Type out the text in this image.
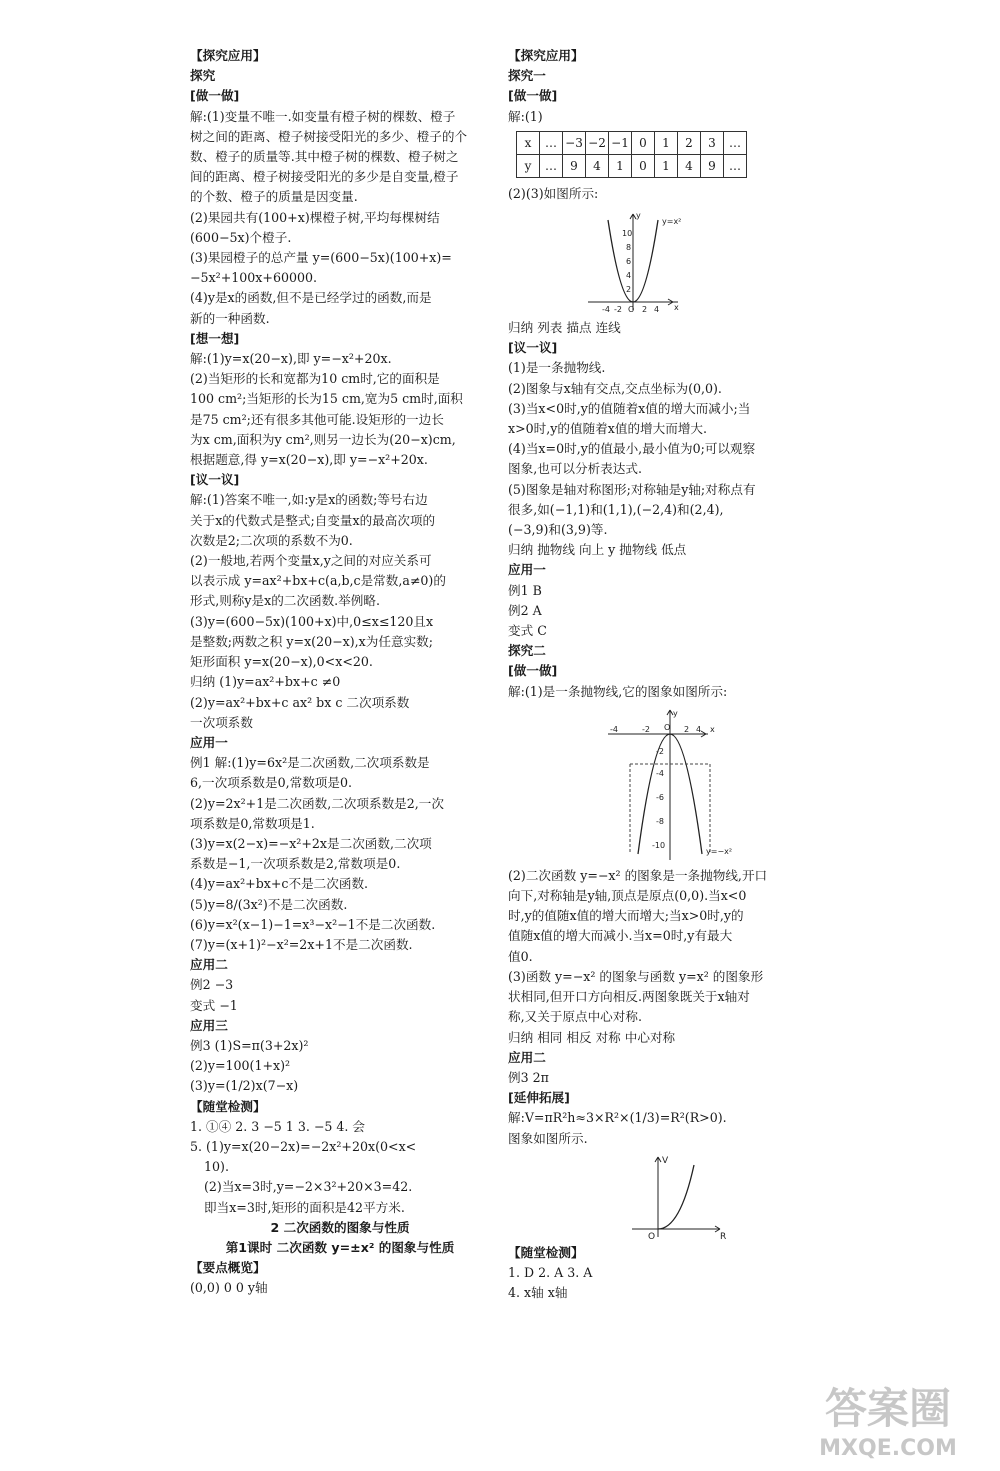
【探究应用】

探究

[做一做]

解:(1)变量不唯一.如变量有橙子树的棵数、橙子

树之间的距离、橙子树接受阳光的多少、橙子的个

数、橙子的质量等.其中橙子树的棵数、橙子树之

间的距离、橙子树接受阳光的多少是自变量,橙子

的个数、橙子的质量是因变量.

(2)果园共有(100+x)棵橙子树,平均每棵树结

(600−5x)个橙子.

(3)果园橙子的总产量 y=(600−5x)(100+x)=

−5x²+100x+60000.

(4)y是x的函数,但不是已经学过的函数,而是

新的一种函数.

[想一想]

解:(1)y=x(20−x),即 y=−x²+20x.

(2)当矩形的长和宽都为10 cm时,它的面积是

100 cm²;当矩形的长为15 cm,宽为5 cm时,面积

是75 cm²;还有很多其他可能.设矩形的一边长

为x cm,面积为y cm²,则另一边长为(20−x)cm,

根据题意,得 y=x(20−x),即 y=−x²+20x.

[议一议]

解:(1)答案不唯一,如:y是x的函数;等号右边

关于x的代数式是整式;自变量x的最高次项的

次数是2;二次项的系数不为0.

(2)一般地,若两个变量x,y之间的对应关系可

以表示成 y=ax²+bx+c(a,b,c是常数,a≠0)的

形式,则称y是x的二次函数.举例略.

(3)y=(600−5x)(100+x)中,0≤x≤120且x

是整数;两数之积 y=x(20−x),x为任意实数;

矩形面积 y=x(20−x),0<x<20.

归纳 (1)y=ax²+bx+c ≠0

(2)y=ax²+bx+c ax² bx c 二次项系数

一次项系数

应用一

例1 解:(1)y=6x²是二次函数,二次项系数是

6,一次项系数是0,常数项是0.

(2)y=2x²+1是二次函数,二次项系数是2,一次

项系数是0,常数项是1.

(3)y=x(2−x)=−x²+2x是二次函数,二次项

系数是−1,一次项系数是2,常数项是0.

(4)y=ax²+bx+c不是二次函数.

(5)y=8/(3x²)不是二次函数.

(6)y=x²(x−1)−1=x³−x²−1不是二次函数.

(7)y=(x+1)²−x²=2x+1不是二次函数.

应用二

例2 −3

变式 −1

应用三

例3 (1)S=π(3+2x)²

(2)y=100(1+x)²

(3)y=(1/2)x(7−x)

【随堂检测】

1. ①④ 2. 3 −5 1 3. −5 4. 会

5. (1)y=x(20−2x)=−2x²+20x(0<x<

10).

(2)当x=3时,y=−2×3²+20×3=42.

即当x=3时,矩形的面积是42平方米.

2 二次函数的图象与性质

第1课时 二次函数 y=±x² 的图象与性质

【要点概览】

(0,0) 0 0 y轴

【探究应用】

探究一

[做一做]

解:(1)

x	…	−3	−2	−1	0	1	2	3	…
y	…	9	4	1	0	1	4	9	…

(2)(3)如图所示:

y
y=x²
10
8
6
4
2
-4 -2 O 2 4 x

归纳 列表 描点 连线

[议一议]

(1)是一条抛物线.

(2)图象与x轴有交点,交点坐标为(0,0).

(3)当x<0时,y的值随着x值的增大而减小;当

x>0时,y的值随着x值的增大而增大.

(4)当x=0时,y的值最小,最小值为0;可以观察

图象,也可以分析表达式.

(5)图象是轴对称图形;对称轴是y轴;对称点有

很多,如(−1,1)和(1,1),(−2,4)和(2,4),

(−3,9)和(3,9)等.

归纳 抛物线 向上 y 抛物线 低点

应用一

例1 B

例2 A

变式 C

探究二

[做一做]

解:(1)是一条抛物线,它的图象如图所示:

y
-4	-2 O 2 4 x
-2
-4
-6
-8
-10
y=−x²

(2)二次函数 y=−x² 的图象是一条抛物线,开口

向下,对称轴是y轴,顶点是原点(0,0).当x<0

时,y的值随x值的增大而增大;当x>0时,y的

值随x值的增大而减小.当x=0时,y有最大

值0.

(3)函数 y=−x² 的图象与函数 y=x² 的图象形

状相同,但开口方向相反.两图象既关于x轴对

称,又关于原点中心对称.

归纳 相同 相反 对称 中心对称

应用二

例3 2π

[延伸拓展]

解:V=πR²h≈3×R²×(1/3)=R²(R>0).

图象如图所示.

V
O	R

【随堂检测】

1. D 2. A 3. A

4. x轴 x轴

答案圈
MXQE.COM
